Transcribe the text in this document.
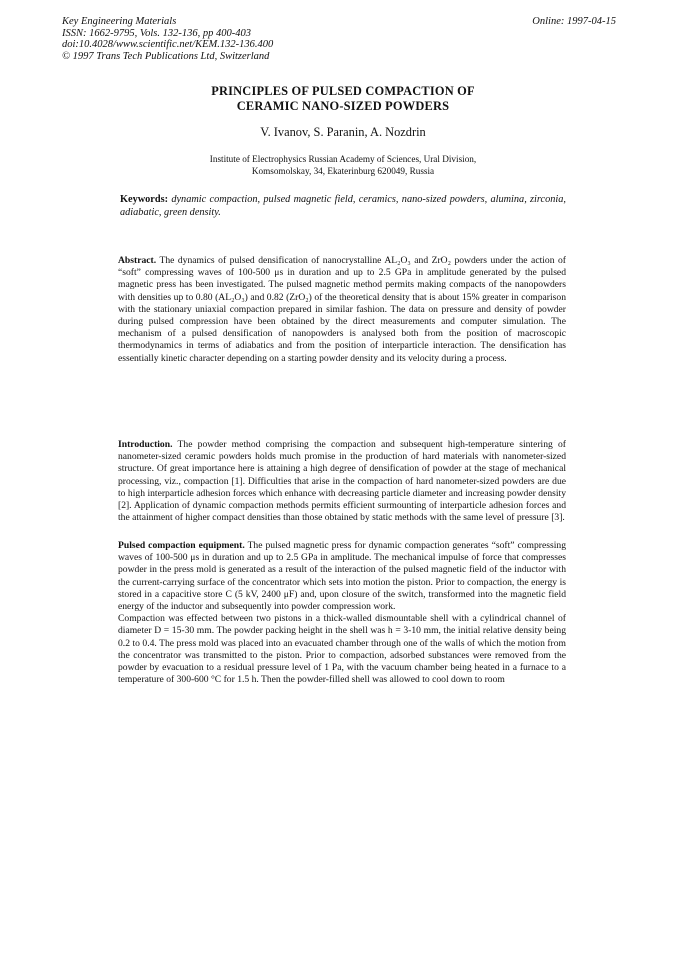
Key Engineering Materials
ISSN: 1662-9795, Vols. 132-136, pp 400-403
doi:10.4028/www.scientific.net/KEM.132-136.400
© 1997 Trans Tech Publications Ltd, Switzerland
Online: 1997-04-15
PRINCIPLES OF PULSED COMPACTION OF
CERAMIC NANO-SIZED POWDERS
V. Ivanov, S. Paranin, A. Nozdrin
Institute of Electrophysics Russian Academy of Sciences, Ural Division,
Komsomolskay, 34, Ekaterinburg 620049, Russia
Keywords: dynamic compaction, pulsed magnetic field, ceramics, nano-sized powders, alumina, zirconia, adiabatic, green density.

Abstract. The dynamics of pulsed densification of nanocrystalline AL₂O₃ and ZrO₂ powders under the action of “soft” compressing waves of 100-500 μs in duration and up to 2.5 GPa in amplitude generated by the pulsed magnetic press has been investigated. The pulsed magnetic method permits making compacts of the nanopowders with densities up to 0.80 (AL₂O₃) and 0.82 (ZrO₂) of the theoretical density that is about 15% greater in comparison with the stationary uniaxial compaction prepared in similar fashion. The data on pressure and density of powder during pulsed compression have been obtained by the direct measurements and computer simulation. The mechanism of a pulsed densification of nanopowders is analysed both from the position of macroscopic thermodynamics in terms of adiabatics and from the position of interparticle interaction. The densification has essentially kinetic character depending on a starting powder density and its velocity during a process.

Introduction. The powder method comprising the compaction and subsequent high-temperature sintering of nanometer-sized ceramic powders holds much promise in the production of hard materials with nanometer-sized structure. Of great importance here is attaining a high degree of densification of powder at the stage of mechanical processing, viz., compaction [1]. Difficulties that arise in the compaction of hard nanometer-sized powders are due to high interparticle adhesion forces which enhance with decreasing particle diameter and increasing powder density [2]. Application of dynamic compaction methods permits efficient surmounting of interparticle adhesion forces and the attainment of higher compact densities than those obtained by static methods with the same level of pressure [3].

Pulsed compaction equipment. The pulsed magnetic press for dynamic compaction generates “soft” compressing waves of 100-500 μs in duration and up to 2.5 GPa in amplitude. The mechanical impulse of force that compresses powder in the press mold is generated as a result of the interaction of the pulsed magnetic field of the inductor with the current-carrying surface of the concentrator which sets into motion the piston. Prior to compaction, the energy is stored in a capacitive store C (5 kV, 2400 μF) and, upon closure of the switch, transformed into the magnetic field energy of the inductor and subsequently into powder compression work.

Compaction was effected between two pistons in a thick-walled dismountable shell with a cylindrical channel of diameter D = 15-30 mm. The powder packing height in the shell was h = 3-10 mm, the initial relative density being 0.2 to 0.4. The press mold was placed into an evacuated chamber through one of the walls of which the motion from the concentrator was transmitted to the piston. Prior to compaction, adsorbed substances were removed from the powder by evacuation to a residual pressure level of 1 Pa, with the vacuum chamber being heated in a furnace to a temperature of 300-600 °C for 1.5 h. Then the powder-filled shell was allowed to cool down to room
